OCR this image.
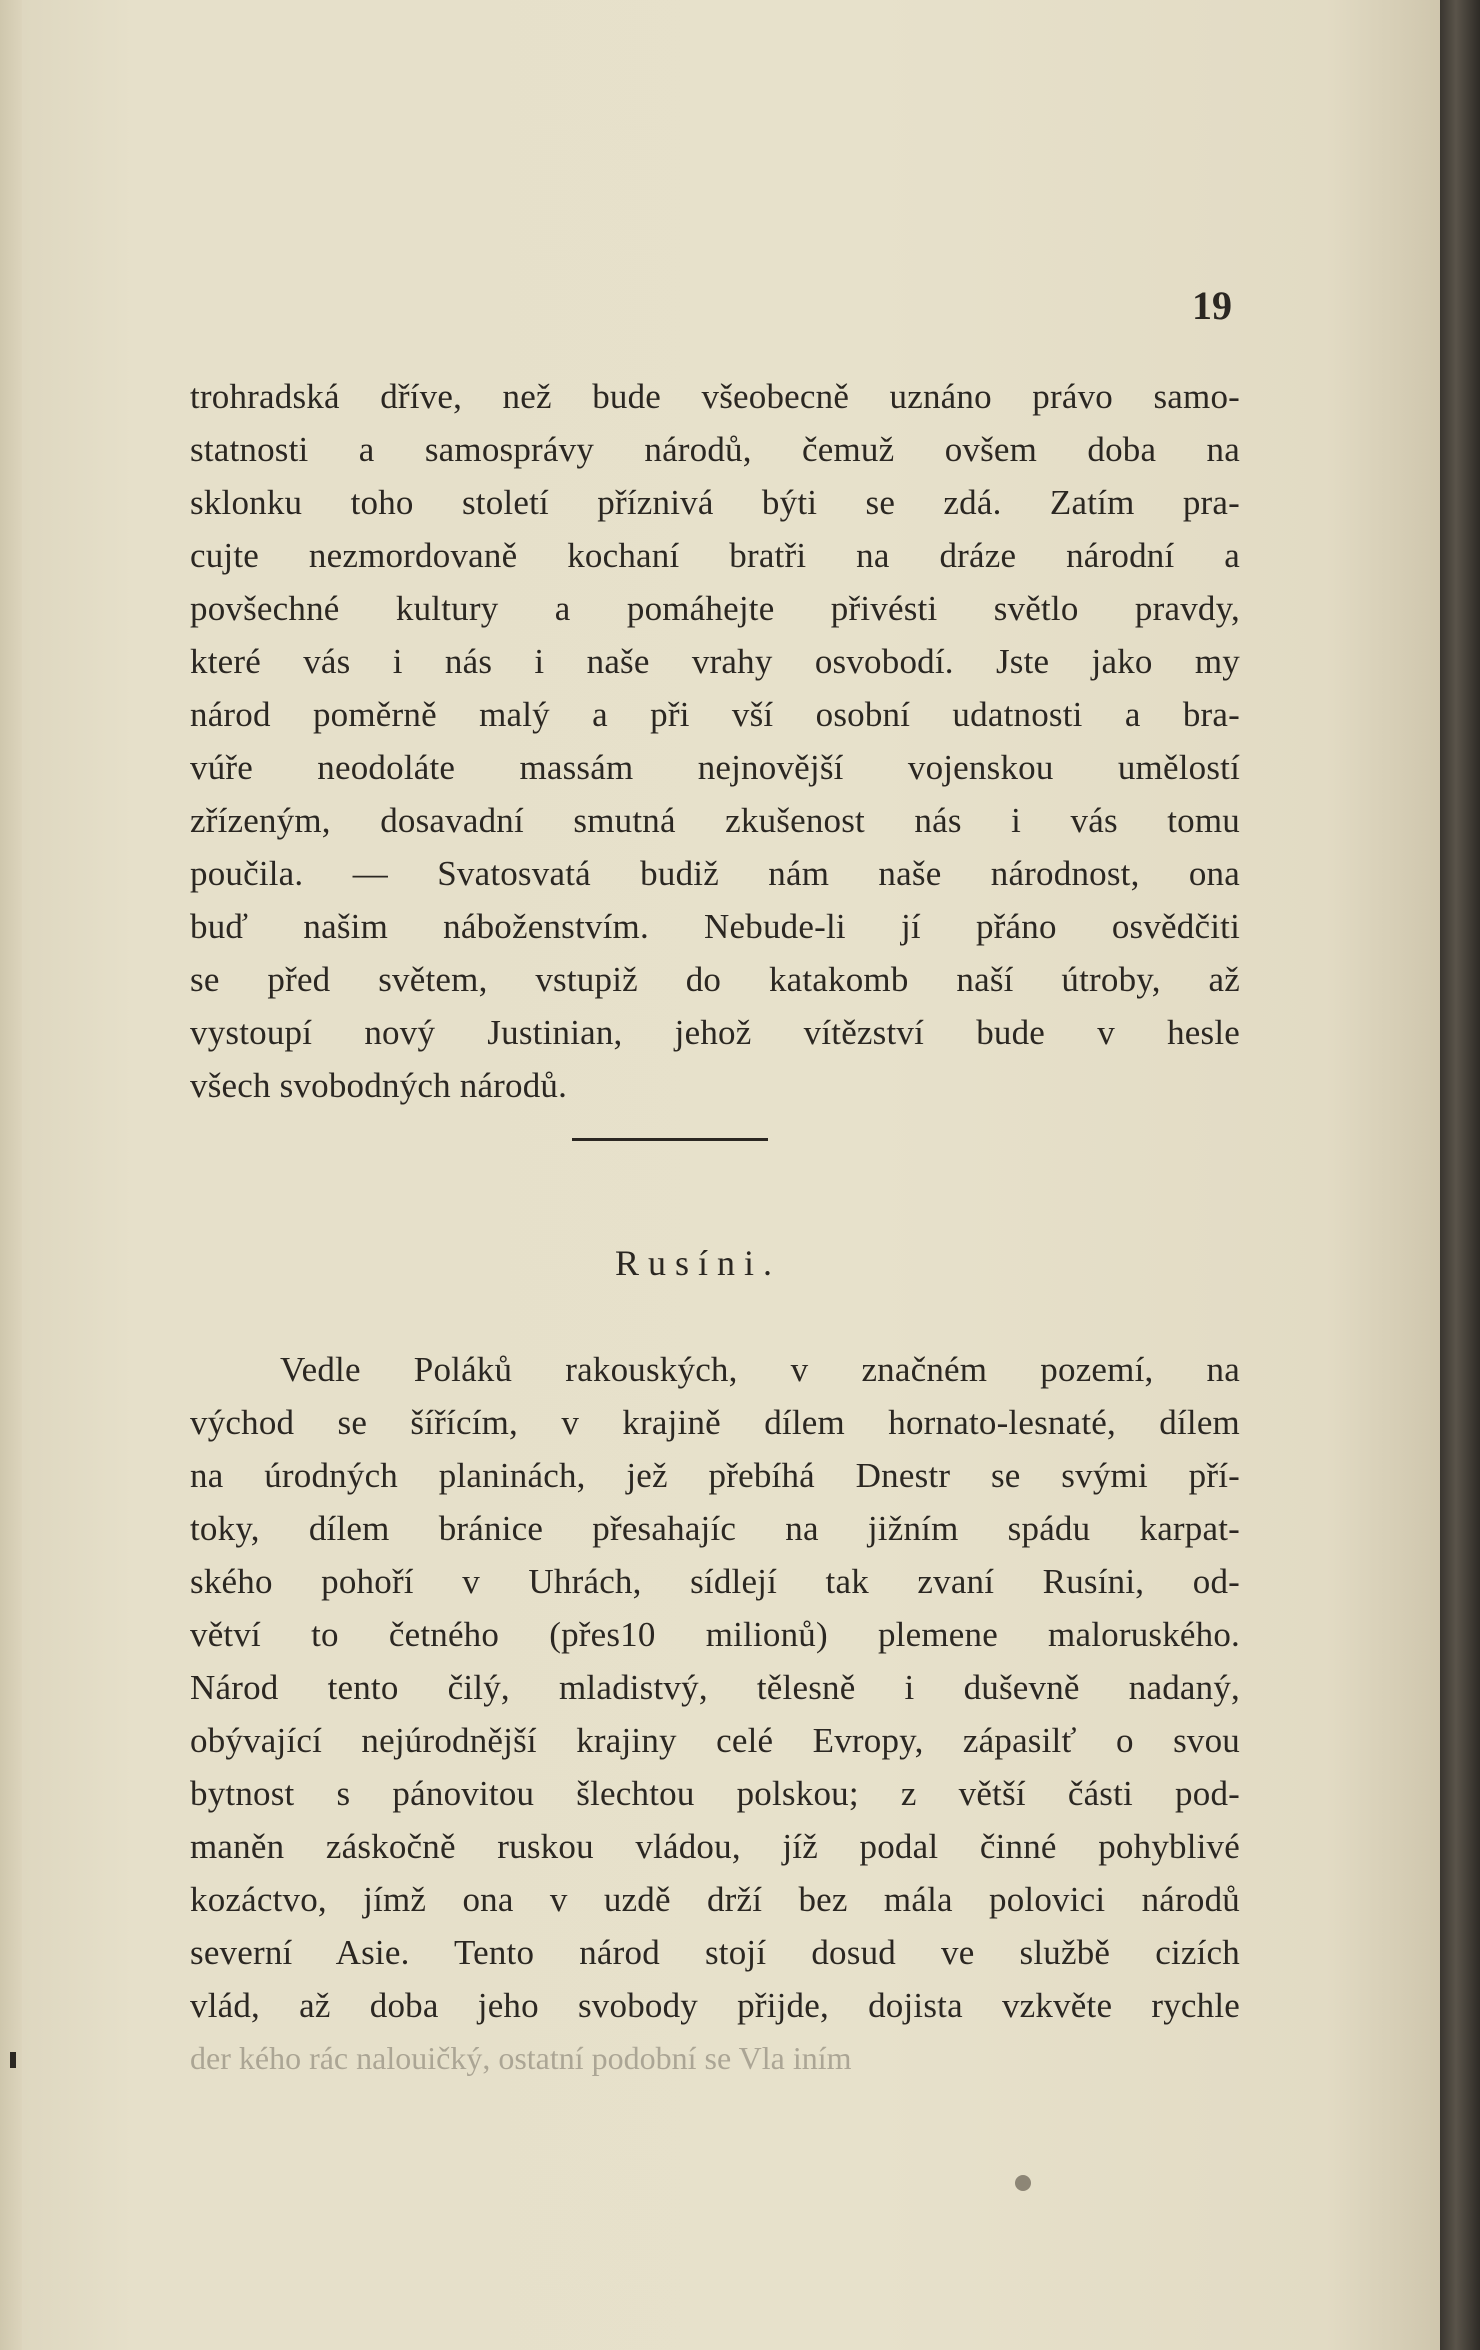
19
trohradská dříve, než bude všeobecně uznáno právo samo-
statnosti a samosprávy národů, čemuž ovšem doba na
sklonku toho století příznivá býti se zdá. Zatím pra-
cujte nezmordovaně kochaní bratři na dráze národní a
povšechné kultury a pomáhejte přivésti světlo pravdy,
které vás i nás i naše vrahy osvobodí. Jste jako my
národ poměrně malý a při vší osobní udatnosti a bra-
vúře neodoláte massám nejnovější vojenskou umělostí
zřízeným, dosavadní smutná zkušenost nás i vás tomu
poučila. — Svatosvatá budiž nám naše národnost, ona
buď našim náboženstvím. Nebude-li jí přáno osvědčiti
se před světem, vstupiž do katakomb naší útroby, až
vystoupí nový Justinian, jehož vítězství bude v hesle
všech svobodných národů.
Rusíni.
Vedle Poláků rakouských, v značném pozemí, na
východ se šířícím, v krajině dílem hornato-lesnaté, dílem
na úrodných planinách, jež přebíhá Dnestr se svými pří-
toky, dílem bránice přesahajíc na jižním spádu karpat-
ského pohoří v Uhrách, sídlejí tak zvaní Rusíni, od-
větví to četného (přes10 milionů) plemene maloruského.
Národ tento čilý, mladistvý, tělesně i duševně nadaný,
obývající nejúrodnější krajiny celé Evropy, zápasilť o svou
bytnost s pánovitou šlechtou polskou; z větší části pod-
maněn záskočně ruskou vládou, jíž podal činné pohyblivé
kozáctvo, jímž ona v uzdě drží bez mála polovici národů
severní Asie. Tento národ stojí dosud ve službě cizích
vlád, až doba jeho svobody přijde, dojista vzkvěte rychle
der kého rác nalouičký, ostatní podobní se Vla iním
